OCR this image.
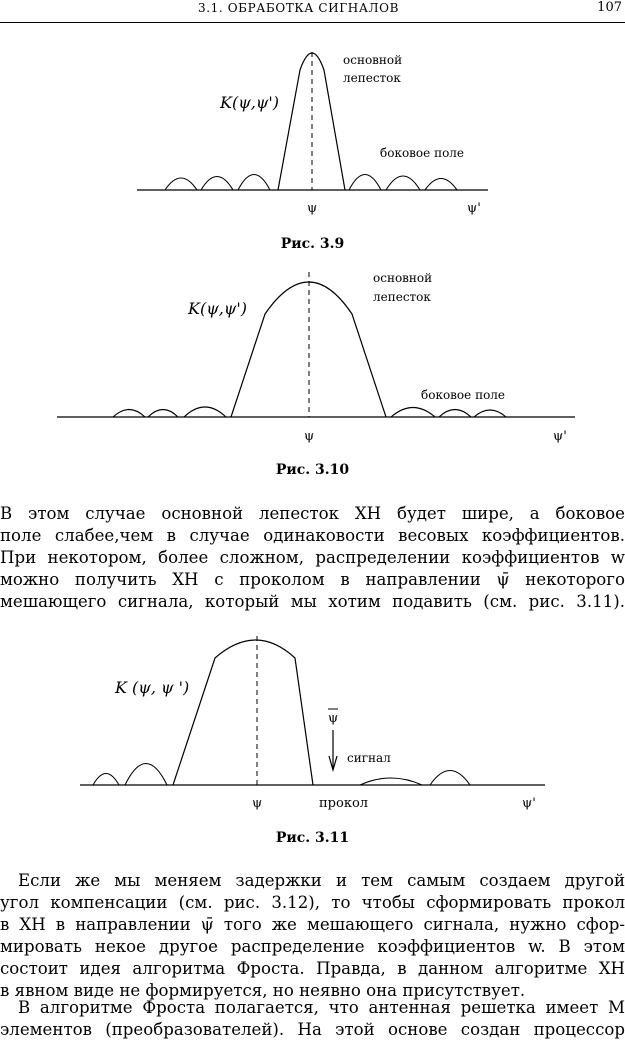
3.1. ОБРАБОТКА СИГНАЛОВ	107
K(ψ,ψ')
основной
лепесток
боковое поле
ψ	ψ'
Рис. 3.9
K(ψ,ψ')
основной
лепесток
боковое поле
ψ	ψ'
Рис. 3.10
В этом случае основной лепесток ХН будет шире, а боковое
поле слабее,чем в случае одинаковости весовых коэффициентов.
При некотором, более сложном, распределении коэффициентов w
можно получить ХН с проколом в направлении ψ̄ некоторого
мешающего сигнала, который мы хотим подавить (см. рис. 3.11).
K (ψ, ψ ')
ψ
сигнал
ψ	прокол	ψ'
Рис. 3.11
Если же мы меняем задержки и тем самым создаем другой
угол компенсации (см. рис. 3.12), то чтобы сформировать прокол
в ХН в направлении ψ̄ того же мешающего сигнала, нужно сфор-
мировать некое другое распределение коэффициентов w. В этом
состоит идея алгоритма Фроста. Правда, в данном алгоритме ХН
в явном виде не формируется, но неявно она присутствует.
В алгоритме Фроста полагается, что антенная решетка имеет M
элементов (преобразователей). На этой основе создан процессор
